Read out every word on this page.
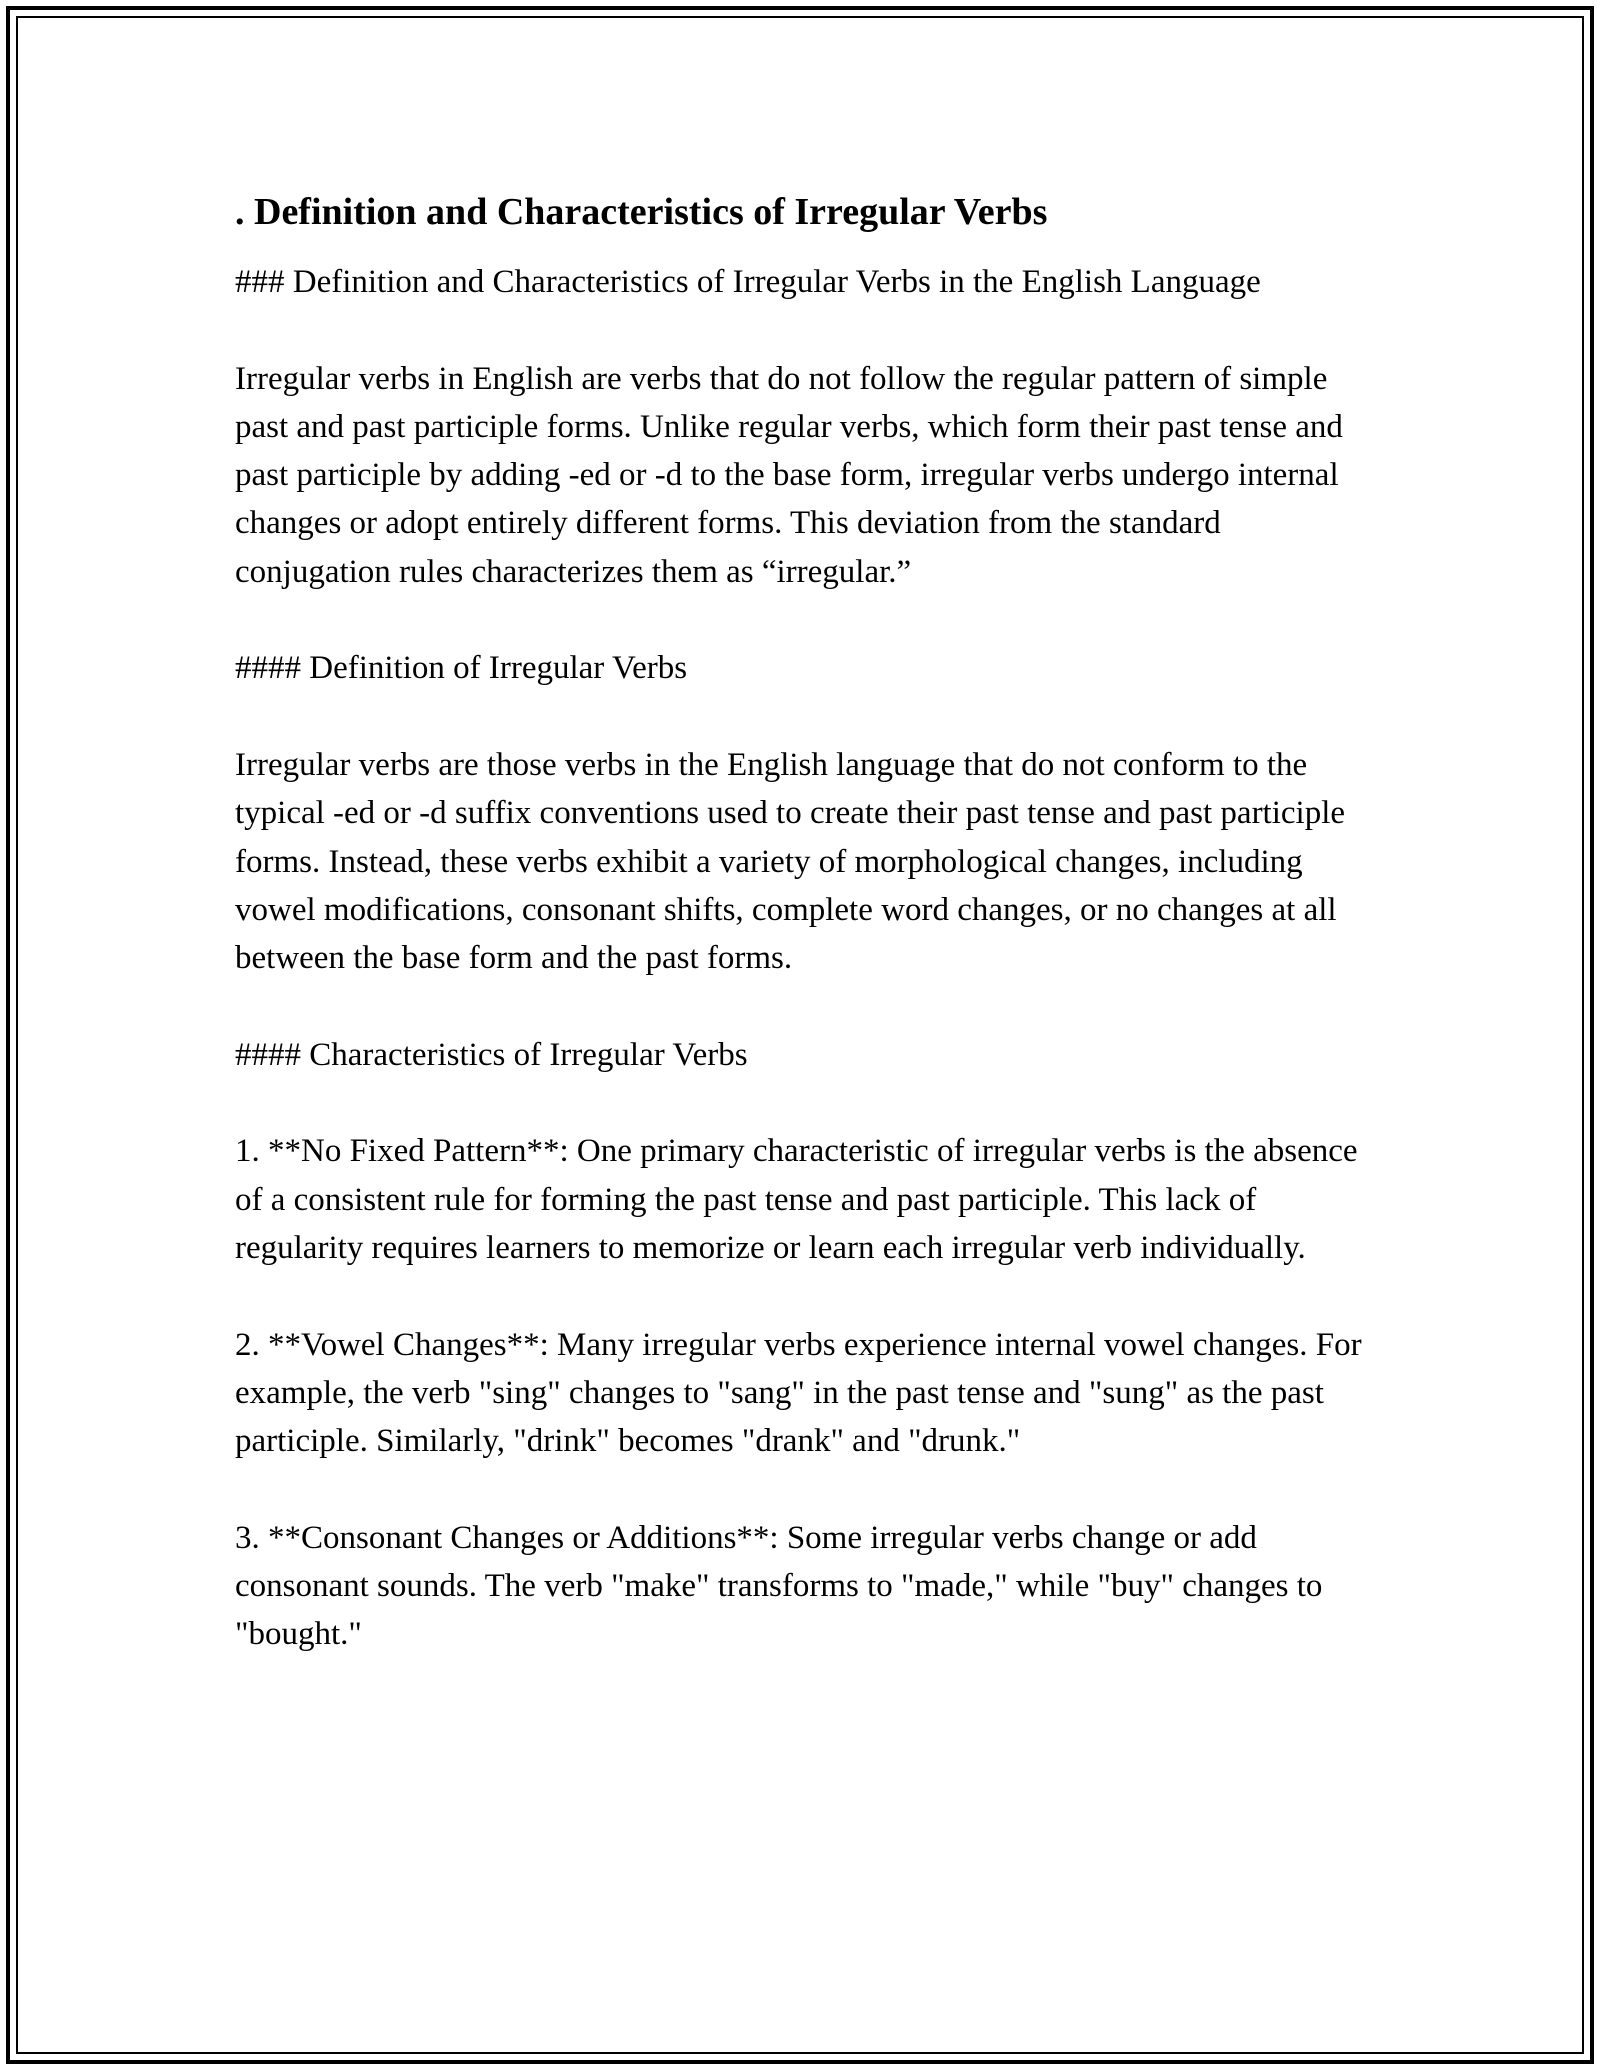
. Definition and Characteristics of Irregular Verbs

### Definition and Characteristics of Irregular Verbs in the English Language

Irregular verbs in English are verbs that do not follow the regular pattern of simple past and past participle forms. Unlike regular verbs, which form their past tense and past participle by adding -ed or -d to the base form, irregular verbs undergo internal changes or adopt entirely different forms. This deviation from the standard conjugation rules characterizes them as “irregular.”

#### Definition of Irregular Verbs

Irregular verbs are those verbs in the English language that do not conform to the typical -ed or -d suffix conventions used to create their past tense and past participle forms. Instead, these verbs exhibit a variety of morphological changes, including vowel modifications, consonant shifts, complete word changes, or no changes at all between the base form and the past forms.

#### Characteristics of Irregular Verbs

1. **No Fixed Pattern**: One primary characteristic of irregular verbs is the absence of a consistent rule for forming the past tense and past participle. This lack of regularity requires learners to memorize or learn each irregular verb individually.

2. **Vowel Changes**: Many irregular verbs experience internal vowel changes. For example, the verb "sing" changes to "sang" in the past tense and "sung" as the past participle. Similarly, "drink" becomes "drank" and "drunk."

3. **Consonant Changes or Additions**: Some irregular verbs change or add consonant sounds. The verb "make" transforms to "made," while "buy" changes to "bought."
